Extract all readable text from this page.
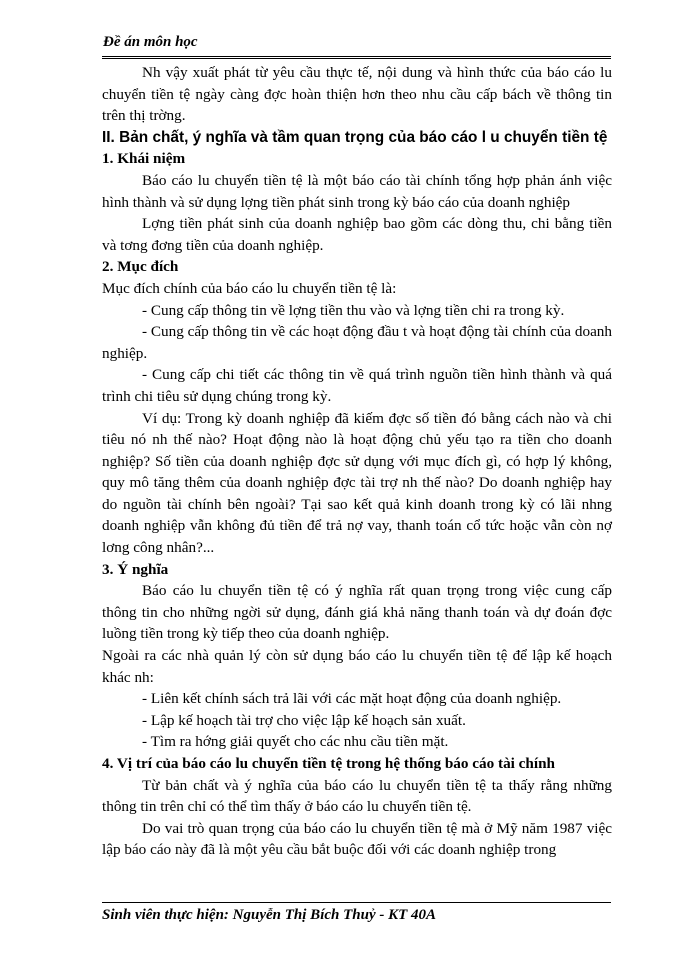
Đề án môn học

Nh vậy xuất phát từ yêu cầu thực tế, nội dung và hình thức của báo cáo lu chuyển tiền tệ ngày càng đợc hoàn thiện hơn theo nhu cầu cấp bách về thông tin trên thị trờng.

II. Bản chất, ý nghĩa và tầm quan trọng của báo cáo l u chuyển tiền tệ
1. Khái niệm

Báo cáo lu chuyển tiền tệ là một báo cáo tài chính tổng hợp phản ánh việc hình thành và sử dụng lợng tiền phát sinh trong kỳ báo cáo của doanh nghiệp

Lợng tiền phát sinh của doanh nghiệp bao gồm các dòng thu, chi bằng tiền và tơng đơng tiền của doanh nghiệp.

2. Mục đích

Mục đích chính của báo cáo lu chuyển tiền tệ là:

- Cung cấp thông tin về lợng tiền thu vào và lợng tiền chi ra trong kỳ.

- Cung cấp thông tin về các hoạt động đầu t và hoạt động tài chính của doanh nghiệp.

- Cung cấp chi tiết các thông tin về quá trình nguồn tiền hình thành và quá trình chi tiêu sử dụng chúng trong kỳ.

Ví dụ: Trong kỳ doanh nghiệp đã kiếm đợc số tiền đó bằng cách nào và chi tiêu nó nh thế nào? Hoạt động nào là hoạt động chủ yếu tạo ra tiền cho doanh nghiệp? Số tiền của doanh nghiệp đợc sử dụng với mục đích gì, có hợp lý không, quy mô tăng thêm của doanh nghiệp đợc tài trợ nh thế nào? Do doanh nghiệp hay do nguồn tài chính bên ngoài? Tại sao kết quả kinh doanh trong kỳ có lãi nhng doanh nghiệp vẫn không đủ tiền để trả nợ vay, thanh toán cổ tức hoặc vẫn còn nợ lơng công nhân?...

3. Ý nghĩa

Báo cáo lu chuyển tiền tệ có ý nghĩa rất quan trọng trong việc cung cấp thông tin cho những ngời sử dụng, đánh giá khả năng thanh toán và dự đoán đợc luồng tiền trong kỳ tiếp theo của doanh nghiệp.

Ngoài ra các nhà quản lý còn sử dụng báo cáo lu chuyển tiền tệ để lập kế hoạch khác nh:

- Liên kết chính sách trả lãi với các mặt hoạt động của doanh nghiệp.

- Lập kế hoạch tài trợ cho việc lập kế hoạch sản xuất.

- Tìm ra hớng giải quyết cho các nhu cầu tiền mặt.

4. Vị trí của báo cáo lu chuyển tiền tệ trong hệ thống báo cáo tài chính

Từ bản chất và ý nghĩa của báo cáo lu chuyển tiền tệ ta thấy rằng những thông tin trên chỉ có thể tìm thấy ở báo cáo lu chuyển tiền tệ.

Do vai trò quan trọng của báo cáo lu chuyển tiền tệ mà ở Mỹ năm 1987 việc lập báo cáo này đã là một yêu cầu bắt buộc đối với các doanh nghiệp trong

Sinh viên thực hiện: Nguyễn Thị Bích Thuỷ - KT 40A
